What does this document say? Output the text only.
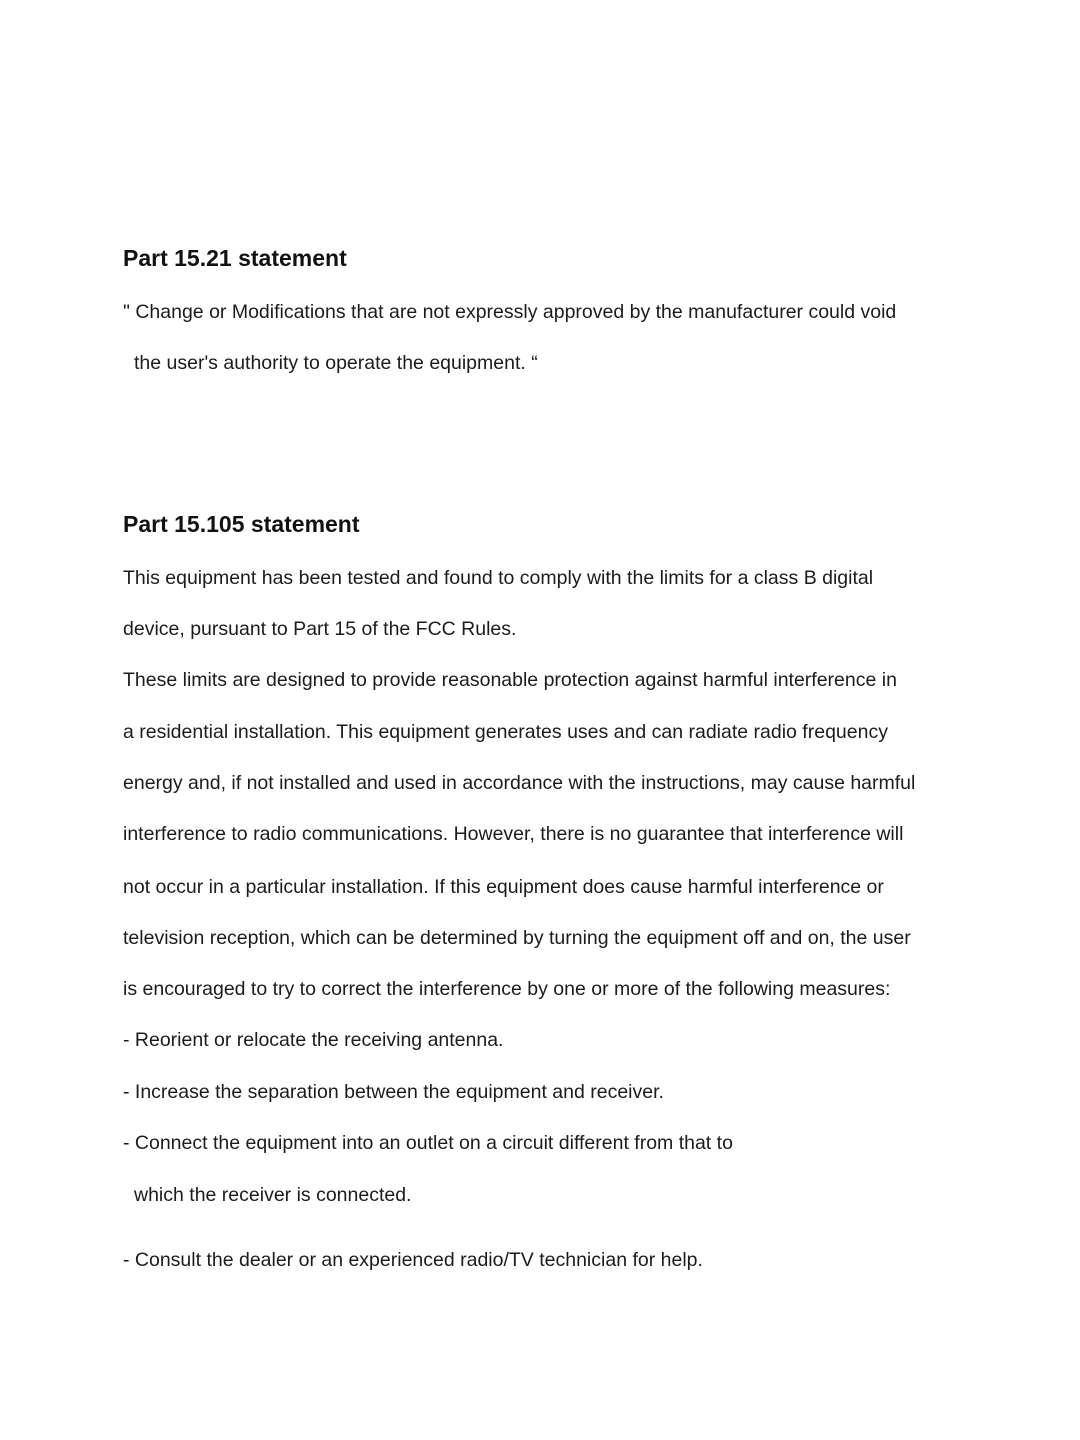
Part 15.21 statement
" Change or Modifications that are not expressly approved by the manufacturer could void
the user's authority to operate the equipment. “
Part 15.105 statement
This equipment has been tested and found to comply with the limits for a class B digital
device, pursuant to Part 15 of the FCC Rules.
These limits are designed to provide reasonable protection against harmful interference in
a residential installation. This equipment generates uses and can radiate radio frequency
energy and, if not installed and used in accordance with the instructions, may cause harmful
interference to radio communications. However, there is no guarantee that interference will
not occur in a particular installation. If this equipment does cause harmful interference or
television reception, which can be determined by turning the equipment off and on, the user
is encouraged to try to correct the interference by one or more of the following measures:
- Reorient or relocate the receiving antenna.
- Increase the separation between the equipment and receiver.
- Connect the equipment into an outlet on a circuit different from that to
which the receiver is connected.
- Consult the dealer or an experienced radio/TV technician for help.
